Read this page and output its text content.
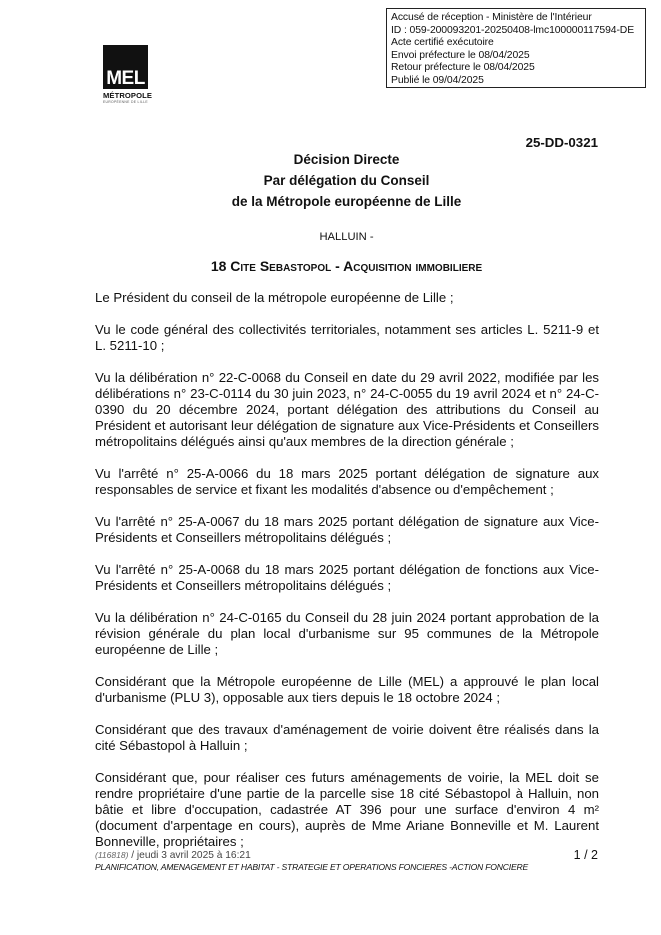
Accusé de réception - Ministère de l'Intérieur
ID : 059-200093201-20250408-lmc100000117594-DE
Acte certifié exécutoire
Envoi préfecture le 08/04/2025
Retour préfecture le 08/04/2025
Publié le 09/04/2025
MEL
MÉTROPOLE
EUROPÉENNE DE LILLE
25-DD-0321
Décision Directe
Par délégation du Conseil
de la Métropole européenne de Lille
HALLUIN -
18 Cite Sebastopol - Acquisition immobiliere

Le Président du conseil de la métropole européenne de Lille ;

Vu le code général des collectivités territoriales, notamment ses articles L. 5211-9 et L. 5211-10 ;

Vu la délibération n° 22-C-0068 du Conseil en date du 29 avril 2022, modifiée par les délibérations n° 23-C-0114 du 30 juin 2023, n° 24-C-0055 du 19 avril 2024 et n° 24-C-0390 du 20 décembre 2024, portant délégation des attributions du Conseil au Président et autorisant leur délégation de signature aux Vice-Présidents et Conseillers métropolitains délégués ainsi qu'aux membres de la direction générale ;

Vu l'arrêté n° 25-A-0066 du 18 mars 2025 portant délégation de signature aux responsables de service et fixant les modalités d'absence ou d'empêchement ;

Vu l'arrêté n° 25-A-0067 du 18 mars 2025 portant délégation de signature aux Vice-Présidents et Conseillers métropolitains délégués ;

Vu l'arrêté n° 25-A-0068 du 18 mars 2025 portant délégation de fonctions aux Vice-Présidents et Conseillers métropolitains délégués ;

Vu la délibération n° 24-C-0165 du Conseil du 28 juin 2024 portant approbation de la révision générale du plan local d'urbanisme sur 95 communes de la Métropole européenne de Lille ;

Considérant que la Métropole européenne de Lille (MEL) a approuvé le plan local d'urbanisme (PLU 3), opposable aux tiers depuis le 18 octobre 2024 ;

Considérant que des travaux d'aménagement de voirie doivent être réalisés dans la cité Sébastopol à Halluin ;

Considérant que, pour réaliser ces futurs aménagements de voirie, la MEL doit se rendre propriétaire d'une partie de la parcelle sise 18 cité Sébastopol à Halluin, non bâtie et libre d'occupation, cadastrée AT 396 pour une surface d'environ 4 m² (document d'arpentage en cours), auprès de Mme Ariane Bonneville et M. Laurent Bonneville, propriétaires ;

(116818) / jeudi 3 avril 2025 à 16:21
PLANIFICATION, AMENAGEMENT ET HABITAT - STRATEGIE ET OPERATIONS FONCIERES -ACTION FONCIERE
1 / 2
